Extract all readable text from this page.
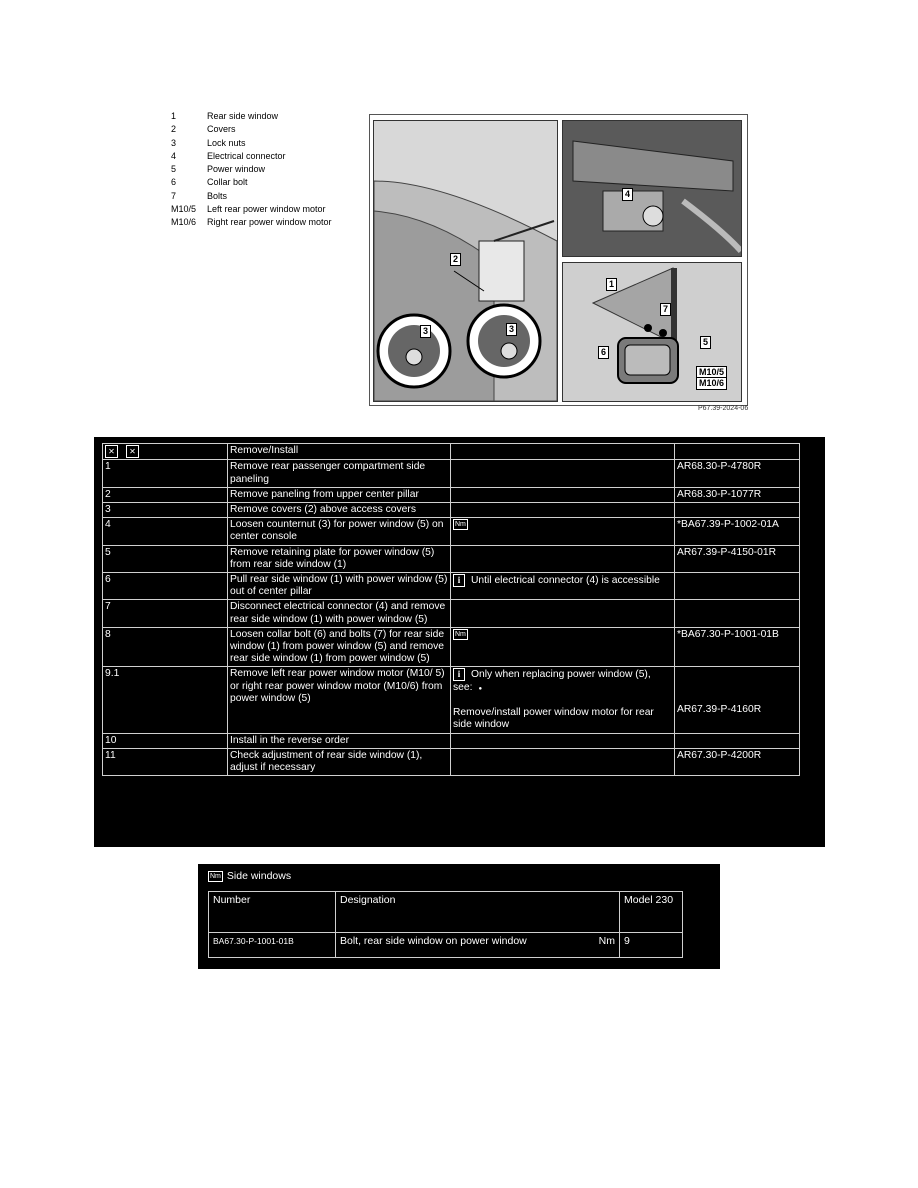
1	Rear side window
2	Covers
3	Lock nuts
4	Electrical connector
5	Power window
6	Collar bolt
7	Bolts
M10/5	Left rear power window motor
M10/6	Right rear power window motor
2
3	3
4
1
7
6
5
M10/5
M10/6
P67.39-2024-06
✕ ✕	Remove/Install		
1	Remove rear passenger compartment side paneling		AR68.30-P-4780R
2	Remove paneling from upper center pillar		AR68.30-P-1077R
3	Remove covers (2) above access covers		
4	Loosen counternut (3) for power window (5) on center console	Nm	*BA67.39-P-1002-01A
5	Remove retaining plate for power window (5) from rear side window (1)		AR67.39-P-4150-01R
6	Pull rear side window (1) with power window (5) out of center pillar	i Until electrical connector (4) is accessible	
7	Disconnect electrical connector (4) and remove rear side window (1) with power window (5)		
8	Loosen collar bolt (6) and bolts (7) for rear side window (1) from power window (5) and remove rear side window (1) from power window (5)	Nm	*BA67.30-P-1001-01B
9.1	Remove left rear power window motor (M10/ 5) or right rear power window motor (M10/6) from power window (5)	i Only when replacing power window (5), see: ●
Remove/install power window motor for rear side window	AR67.39-P-4160R
10	Install in the reverse order		
11	Check adjustment of rear side window (1), adjust if necessary		AR67.30-P-4200R
Nm Side windows
Number	Designation	Model 230
BA67.30-P-1001-01B	Bolt, rear side window on power window Nm	9
